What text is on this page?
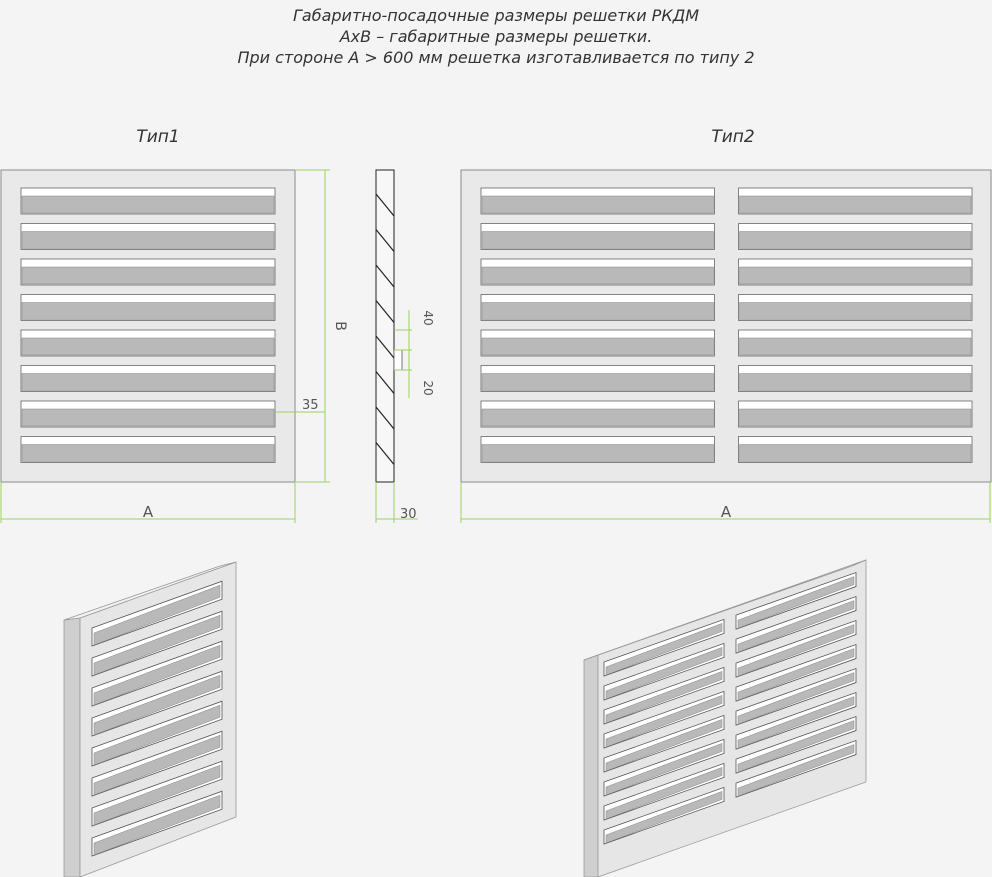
Габаритно-посадочные размеры решетки РКДМ
AxB – габаритные размеры решетки.
При стороне A > 600 мм решетка изготавливается по типу 2
Тип1	Тип2
B
35
A
40
20
30	A
